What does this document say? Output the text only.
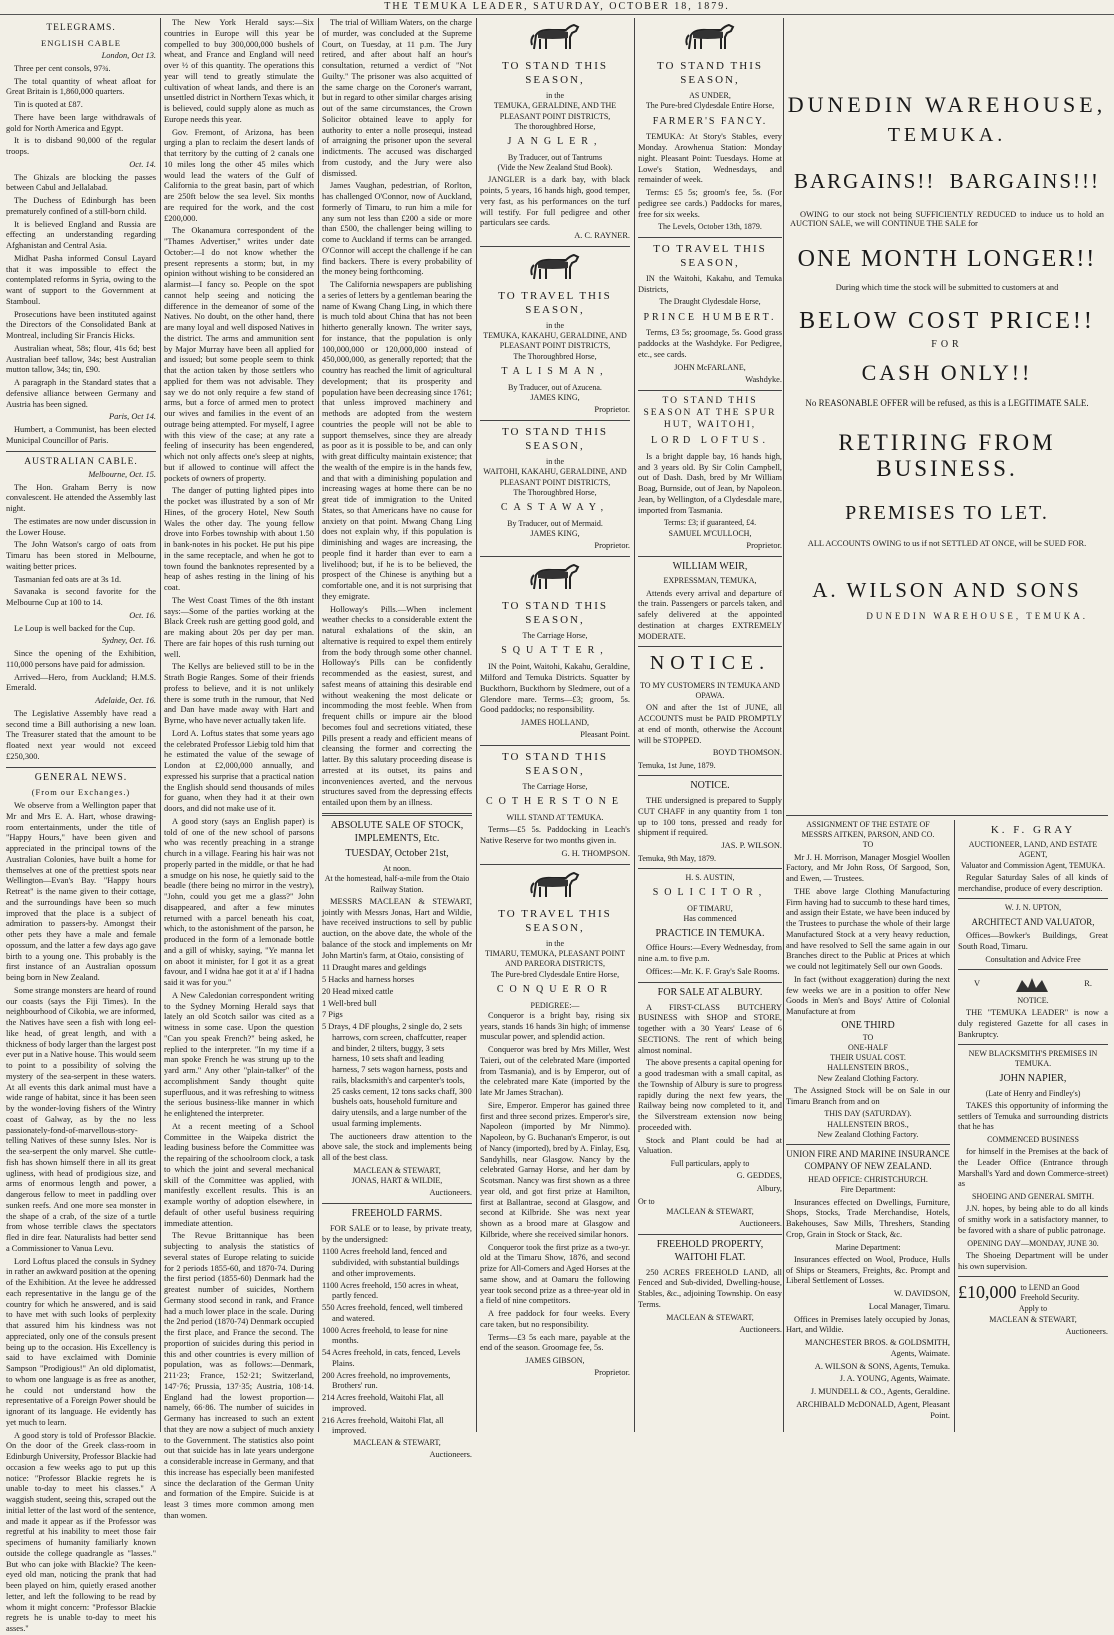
THE TEMUKA LEADER, SATURDAY, OCTOBER 18, 1879.
TELEGRAMS.
ENGLISH CABLE

London, Oct 13.

Three per cent consols, 97¾.

The total quantity of wheat afloat for Great Britain is 1,860,000 quarters.

Tin is quoted at £87.

There have been large withdrawals of gold for North America and Egypt.

It is to disband 90,000 of the regular troops.

Oct. 14.

The Ghizals are blocking the passes between Cabul and Jellalabad.

The Duchess of Edinburgh has been prematurely confined of a still-born child.

It is believed England and Russia are effecting an understanding regarding Afghanistan and Central Asia.

Midhat Pasha informed Consul Layard that it was impossible to effect the contemplated reforms in Syria, owing to the want of support to the Government at Stamboul.

Prosecutions have been instituted against the Directors of the Consolidated Bank at Montreal, including Sir Francis Hicks.

Australian wheat, 58s; flour, 41s 6d; best Australian beef tallow, 34s; best Australian mutton tallow, 34s; tin, £90.

A paragraph in the Standard states that a defensive alliance between Germany and Austria has been signed.

Paris, Oct 14.

Humbert, a Communist, has been elected Municipal Councillor of Paris.

AUSTRALIAN CABLE.

Melbourne, Oct. 15.

The Hon. Graham Berry is now convalescent. He attended the Assembly last night.

The estimates are now under discussion in the Lower House.

The John Watson's cargo of oats from Timaru has been stored in Melbourne, waiting better prices.

Tasmanian fed oats are at 3s 1d.

Savanaka is second favorite for the Melbourne Cup at 100 to 14.

Oct. 16.

Le Loup is well backed for the Cup.

Sydney, Oct. 16.

Since the opening of the Exhibition, 110,000 persons have paid for admission.

Arrived—Hero, from Auckland; H.M.S. Emerald.

Adelaide, Oct. 16.

The Legislative Assembly have read a second time a Bill authorising a new loan. The Treasurer stated that the amount to be floated next year would not exceed £250,300.

GENERAL NEWS.
(From our Exchanges.)

We observe from a Wellington paper that Mr and Mrs E. A. Hart, whose drawing-room entertainments, under the title of "Happy Hours," have been given and appreciated in the principal towns of the Australian Colonies, have built a home for themselves at one of the prettiest spots near Wellington—Evan's Bay. "Happy hours Retreat" is the name given to their cottage, and the surroundings have been so much improved that the place is a subject of admiration to passers-by. Amongst their other pets they have a male and female opossum, and the latter a few days ago gave birth to a young one. This probably is the first instance of an Australian opossum being born in New Zealand.

Some strange monsters are heard of round our coasts (says the Fiji Times). In the neighbourhood of Cikobia, we are informed, the Natives have seen a fish with long eel-like head, of great length, and with a thickness of body larger than the largest post ever put in a Native house. This would seem to point to a possibility of solving the mystery of the sea-serpent in these waters. At all events this dark animal must have a wide range of habitat, since it has been seen by the wonder-loving fishers of the Wintry coast of Galway, as by the no less passionately-fond-of-marvellous-story-telling Natives of these sunny Isles. Nor is the sea-serpent the only marvel. She cuttle-fish has shown himself there in all its great ugliness, with head of prodigious size, and arms of enormous length and power, a dangerous fellow to meet in paddling over sunken reefs. And one more sea monster in the shape of a crab, of the size of a turtle from whose terrible claws the spectators fled in dire fear. Naturalists had better send a Commissioner to Vanua Levu.

Lord Loftus placed the consuls in Sydney in rather an awkward position at the opening of the Exhibition. At the levee he addressed each representative in the langu ge of the country for which he answered, and is said to have met with such looks of perplexity that assured him his kindness was not appreciated, only one of the consuls present being up to the occasion. His Excellency is said to have exclaimed with Dominie Sampson "Prodigious!" An old diplomatist, to whom one language is as free as another, he could not understand how the representative of a Foreign Power should be ignorant of its language. He evidently has yet much to learn.

A good story is told of Professor Blackie. On the door of the Greek class-room in Edinburgh University, Professor Blackie had occasion a few weeks ago to put up this notice: "Professor Blackie regrets he is unable to-day to meet his classes." A waggish student, seeing this, scraped out the initial letter of the last word of the sentence, and made it appear as if the Professor was regretful at his inability to meet those fair specimens of humanity familiarly known outside the college quadrangle as "lasses." But who can joke with Blackie? The keen-eyed old man, noticing the prank that had been played on him, quietly erased another letter, and left the following to be read by whom it might concern: "Professor Blackie regrets he is unable to-day to meet his asses."

The New York Herald says:—Six countries in Europe will this year be compelled to buy 300,000,000 bushels of wheat, and France and England will need over ½ of this quantity. The operations this year will tend to greatly stimulate the cultivation of wheat lands, and there is an unsettled district in Northern Texas which, it is believed, could supply alone as much as Europe needs this year.

Gov. Fremont, of Arizona, has been urging a plan to reclaim the desert lands of that territory by the cutting of 2 canals one 10 miles long the other 45 miles which would lead the waters of the Gulf of California to the great basin, part of which are 250ft below the sea level. Six months are required for the work, and the cost £200,000.

The Okanamura correspondent of the "Thames Advertiser," writes under date October:—I do not know whether the present represents a storm; but, in my opinion without wishing to be considered an alarmist—I fancy so. People on the spot cannot help seeing and noticing the difference in the demeanor of some of the Natives. No doubt, on the other hand, there are many loyal and well disposed Natives in the district. The arms and ammunition sent by Major Murray have been all applied for and issued; but some people seem to think that the action taken by those settlers who applied for them was not advisable. They say we do not only require a few stand of arms, but a force of armed men to protect our wives and families in the event of an outrage being attempted. For myself, I agree with this view of the case; at any rate a feeling of insecurity has been engendered, which not only affects one's sleep at nights, but if allowed to continue will affect the pockets of owners of property.

The danger of putting lighted pipes into the pocket was illustrated by a son of Mr Hines, of the grocery Hotel, New South Wales the other day. The young fellow drove into Forbes township with about 1.50 in bank-notes in his pocket. He put his pipe in the same receptacle, and when he got to town found the banknotes represented by a heap of ashes resting in the lining of his coat.

The West Coast Times of the 8th instant says:—Some of the parties working at the Black Creek rush are getting good gold, and are making about 20s per day per man. There are fair hopes of this rush turning out well.

The Kellys are believed still to be in the Strath Bogie Ranges. Some of their friends profess to believe, and it is not unlikely there is some truth in the rumour, that Ned and Dan have made away with Hart and Byrne, who have never actually taken life.

Lord A. Loftus states that some years ago the celebrated Professor Liebig told him that he estimated the value of the sewage of London at £2,000,000 annually, and expressed his surprise that a practical nation the English should send thousands of miles for guano, when they had it at their own doors, and did not make use of it.

A good story (says an English paper) is told of one of the new school of parsons who was recently preaching in a strange church in a village. Fearing his hair was not properly parted in the middle, or that he had a smudge on his nose, he quietly said to the beadle (there being no mirror in the vestry), "John, could you get me a glass?" John disappeared, and after a few minutes returned with a parcel beneath his coat, which, to the astonishment of the parson, he produced in the form of a lemonade bottle and a gill of whisky, saying, "Ye manna let on aboot it minister, for I got it as a great favour, and I widna hae got it at a' if I hadna said it was for you."

A New Caledonian correspondent writing to the Sydney Morning Herald says that lately an old Scotch sailor was cited as a witness in some case. Upon the question "Can you speak French?" being asked, he replied to the interpreter. "In my time if a man spoke French he was strung up to the yard arm." Any other "plain-talker" of the accomplishment Sandy thought quite superfluous, and it was refreshing to witness the serious business-like manner in which he enlightened the interpreter.

At a recent meeting of a School Committee in the Waipeka district the leading business before the Committee was the repairing of the schoolroom clock, a task to which the joint and several mechanical skill of the Committee was applied, with manifestly excellent results. This is an example worthy of adoption elsewhere, in default of other useful business requiring immediate attention.

The Revue Brittannique has been subjecting to analysis the statistics of several states of Europe relating to suicide for 2 periods 1855-60, and 1870-74. During the first period (1855-60) Denmark had the greatest number of suicides, Northern Germany stood second in rank, and France had a much lower place in the scale. During the 2nd period (1870-74) Denmark occupied the first place, and France the second. The proportion of suicides during this period in this and other countries is every million of population, was as follows:—Denmark, 211·23; France, 152·21; Switzerland, 147·76; Prussia, 137·35; Austria, 108·14. England had the lowest proportion—namely, 66·86. The number of suicides in Germany has increased to such an extent that they are now a subject of much anxiety to the Government. The statistics also point out that suicide has in late years undergone a considerable increase in Germany, and that this increase has especially been manifested since the declaration of the German Unity and formation of the Empire. Suicide is at least 3 times more common among men than women.

The trial of William Waters, on the charge of murder, was concluded at the Supreme Court, on Tuesday, at 11 p.m. The Jury retired, and after about half an hour's consultation, returned a verdict of "Not Guilty." The prisoner was also acquitted of the same charge on the Coroner's warrant, but in regard to other similar charges arising out of the same circumstances, the Crown Solicitor obtained leave to apply for authority to enter a nolle prosequi, instead of arraigning the prisoner upon the several indictments. The accused was discharged from custody, and the Jury were also dismissed.

James Vaughan, pedestrian, of Rorlton, has challenged O'Connor, now of Auckland, formerly of Timaru, to run him a mile for any sum not less than £200 a side or more than £500, the challenger being willing to come to Auckland if terms can be arranged. O'Connor will accept the challenge if he can find backers. There is every probability of the money being forthcoming.

The California newspapers are publishing a series of letters by a gentleman bearing the name of Kwang Chang Ling, in which there is much told about China that has not been hitherto generally known. The writer says, for instance, that the population is only 100,000,000 or 120,000,000 instead of 450,000,000, as generally reported; that the country has reached the limit of agricultural development; that its prosperity and population have been decreasing since 1761; that unless improved machinery and methods are adopted from the western countries the people will not be able to support themselves, since they are already as poor as it is possible to be, and can only with great difficulty maintain existence; that the wealth of the empire is in the hands few, and that with a diminishing population and increasing wages at home there can be no great tide of immigration to the United States, so that Americans have no cause for anxiety on that point. Mwang Chang Ling does not explain why, if this population is diminishing and wages are increasing, the people find it harder than ever to earn a livelihood; but, if he is to be believed, the prospect of the Chinese is anything but a comfortable one, and it is not surprising that they emigrate.

Holloway's Pills.—When inclement weather checks to a considerable extent the natural exhalations of the skin, an alternative is required to expel them entirely from the body through some other channel. Holloway's Pills can be confidently recommended as the easiest, surest, and safest means of attaining this desirable end without weakening the most delicate or incommoding the most feeble. When from frequent chills or impure air the blood becomes foul and secretions vitiated, these Pills present a ready and efficient means of cleansing the former and correcting the latter. By this salutary proceeding disease is arrested at its outset, its pains and inconveniences averted, and the nervous structures saved from the depressing effects entailed upon them by an illness.

ABSOLUTE SALE OF STOCK, IMPLEMENTS, Etc.
TUESDAY, October 21st,
At noon.
At the homestead, half-a-mile from the Otaio Railway Station.

MESSRS MACLEAN & STEWART, jointly with Messrs Jonas, Hart and Wildie, have received instructions to sell by public auction, on the above date, the whole of the balance of the stock and implements on Mr John Martin's farm, at Otaio, consisting of

11 Draught mares and geldings
5 Hacks and harness horses
20 Head mixed cattle
1 Well-bred bull
7 Pigs
5 Drays, 4 DF ploughs, 2 single do, 2 sets harrows, corn screen, chaffcutter, reaper and binder, 2 tilters, buggy, 3 sets harness, 10 sets shaft and leading harness, 7 sets wagon harness, posts and rails, blacksmith's and carpenter's tools, 25 casks cement, 12 tons sacks chaff, 300 bushels oats, household furniture and dairy utensils, and a large number of the usual farming implements.

The auctioneers draw attention to the above sale, the stock and implements being all of the best class.

MACLEAN & STEWART,
JONAS, HART & WILDIE,
Auctioneers.
FREEHOLD FARMS.

FOR SALE or to lease, by private treaty, by the undersigned:

1100 Acres freehold land, fenced and subdivided, with substantial buildings and other improvements.
1100 Acres freehold, 150 acres in wheat, partly fenced.
550 Acres freehold, fenced, well timbered and watered.
1000 Acres freehold, to lease for nine months.
54 Acres freehold, in cats, fenced, Levels Plains.
200 Acres freehold, no improvements, Brothers' run.
214 Acres freehold, Waitohi Flat, all improved.
216 Acres freehold, Waitohi Flat, all improved.
MACLEAN & STEWART,
Auctioneers.
TO STAND THIS SEASON,
in the
TEMUKA, GERALDINE, AND THE PLEASANT POINT DISTRICTS,
The thoroughbred Horse,
JANGLER,
By Traducer, out of Tantrums
(Vide the New Zealand Stud Book).

JANGLER is a dark bay, with black points, 5 years, 16 hands high, good temper, very fast, as his performances on the turf will testify. For full pedigree and other particulars see cards.

A. C. RAYNER.
TO TRAVEL THIS SEASON,
in the
TEMUKA, KAKAHU, GERALDINE, AND PLEASANT POINT DISTRICTS,
The Thoroughbred Horse,
TALISMAN,
By Traducer, out of Azucena.
JAMES KING,
Proprietor.
TO STAND THIS SEASON,
in the
WAITOHI, KAKAHU, GERALDINE, AND PLEASANT POINT DISTRICTS,
The Thoroughbred Horse,
CASTAWAY,
By Traducer, out of Mermaid.
JAMES KING,
Proprietor.
TO STAND THIS SEASON,
The Carriage Horse,
SQUATTER,

IN the Point, Waitohi, Kakahu, Geraldine, Milford and Temuka Districts. Squatter by Buckthorn, Buckthorn by Sledmere, out of a Glendore mare. Terms—£3; groom, 5s. Good paddocks; no responsibility.

JAMES HOLLAND,
Pleasant Point.
TO STAND THIS SEASON,
The Carriage Horse,
COTHERSTONE
WILL STAND AT TEMUKA.

Terms—£5 5s. Paddocking in Leach's Native Reserve for two months given in.

G. H. THOMPSON.
TO TRAVEL THIS SEASON,
in the
TIMARU, TEMUKA, PLEASANT POINT AND PAREORA DISTRICTS,
The Pure-bred Clydesdale Entire Horse,
CONQUEROR
PEDIGREE:—

Conqueror is a bright bay, rising six years, stands 16 hands 3in high; of immense muscular power, and splendid action.

Conqueror was bred by Mrs Miller, West Taieri, out of the celebrated Mare (imported from Tasmania), and is by Emperor, out of the celebrated mare Kate (imported by the late Mr James Strachan).

Sire, Emperor. Emperor has gained three first and three second prizes. Emperor's sire, Napoleon (imported by Mr Nimmo). Napoleon, by G. Buchanan's Emperor, is out of Nancy (imported), bred by A. Finlay, Esq, Sandyhills, near Glasgow. Nancy by the celebrated Garnay Horse, and her dam by Scotsman. Nancy was first shown as a three year old, and got first prize at Hamilton, first at Ballantrae, second at Glasgow, and second at Kilbride. She was next year shown as a brood mare at Glasgow and Kilbride, where she received similar honors.

Conqueror took the first prize as a two-yr. old at the Timaru Show, 1876, and second prize for All-Comers and Aged Horses at the same show, and at Oamaru the following year took second prize as a three-year old in a field of nine competitors.

A free paddock for four weeks. Every care taken, but no responsibility.

Terms—£3 5s each mare, payable at the end of the season. Groomage fee, 5s.

JAMES GIBSON,
Proprietor.
TO STAND THIS SEASON,
AS UNDER,
The Pure-bred Clydesdale Entire Horse,
FARMER'S FANCY.

TEMUKA: At Story's Stables, every Monday. Arowhenua Station: Monday night. Pleasant Point: Tuesdays. Home at Lowe's Station, Wednesdays, and remainder of week.

Terms: £5 5s; groom's fee, 5s. (For pedigree see cards.) Paddocks for mares, free for six weeks.

The Levels, October 13th, 1879.
TO TRAVEL THIS SEASON,

IN the Waitohi, Kakahu, and Temuka Districts,

The Draught Clydesdale Horse,
PRINCE HUMBERT.

Terms, £3 5s; groomage, 5s. Good grass paddocks at the Washdyke. For Pedigree, etc., see cards.

JOHN McFARLANE,
Washdyke.
TO STAND THIS SEASON AT THE SPUR HUT, WAITOHI,
LORD LOFTUS.

Is a bright dapple bay, 16 hands high, and 3 years old. By Sir Colin Campbell, out of Dash. Dash, bred by Mr William Boag, Burnside, out of Jean, by Napoleon. Jean, by Wellington, of a Clydesdale mare, imported from Tasmania.

Terms: £3; if guaranteed, £4.
SAMUEL M'CULLOCH,
Proprietor.
WILLIAM WEIR,
EXPRESSMAN, TEMUKA,

Attends every arrival and departure of the train. Passengers or parcels taken, and safely delivered at the appointed destination at charges EXTREMELY MODERATE.

NOTICE.
TO MY CUSTOMERS IN TEMUKA AND OPAWA.

ON and after the 1st of JUNE, all ACCOUNTS must be PAID PROMPTLY at end of month, otherwise the Account will be STOPPED.

BOYD THOMSON.
Temuka, 1st June, 1879.
NOTICE.

THE undersigned is prepared to Supply CUT CHAFF in any quantity from 1 ton up to 100 tons, pressed and ready for shipment if required.

JAS. P. WILSON.
Temuka, 9th May, 1879.
H. S. AUSTIN,
SOLICITOR,
OF TIMARU,
Has commenced
PRACTICE IN TEMUKA.

Office Hours:—Every Wednesday, from nine a.m. to five p.m.

Offices:—Mr. K. F. Gray's Sale Rooms.

FOR SALE AT ALBURY.

A FIRST-CLASS BUTCHERY BUSINESS with SHOP and STORE, together with a 30 Years' Lease of 6 SECTIONS. The rent of which being almost nominal.

The above presents a capital opening for a good tradesman with a small capital, as the Township of Albury is sure to progress rapidly during the next few years, the Railway being now completed to it, and the Silverstream extension now being proceeded with.

Stock and Plant could be had at Valuation.

Full particulars, apply to
G. GEDDES,
Albury,
Or to
MACLEAN & STEWART,
Auctioneers.
FREEHOLD PROPERTY, WAITOHI FLAT.

250 ACRES FREEHOLD LAND, all Fenced and Sub-divided, Dwelling-house, Stables, &c., adjoining Township. On easy Terms.

MACLEAN & STEWART,
Auctioneers.
DUNEDIN WAREHOUSE,
TEMUKA.
BARGAINS!! BARGAINS!!!

OWING to our stock not being SUFFICIENTLY REDUCED to induce us to hold an AUCTION SALE, we will CONTINUE THE SALE for

ONE MONTH LONGER!!
During which time the stock will be submitted to customers at and
BELOW COST PRICE!!
FOR
CASH ONLY!!
No REASONABLE OFFER will be refused, as this is a LEGITIMATE SALE.
RETIRING FROM BUSINESS.
PREMISES TO LET.
ALL ACCOUNTS OWING to us if not SETTLED AT ONCE, will be SUED FOR.
A. WILSON AND SONS
DUNEDIN WAREHOUSE, TEMUKA.
ASSIGNMENT OF THE ESTATE OF
MESSRS AITKEN, PARSON, AND CO.
TO

Mr J. H. Morrison, Manager Mosgiel Woollen Factory, and Mr John Ross, Of Sargood, Son, and Ewen, — Trustees.

THE above large Clothing Manufacturing Firm having had to succumb to these hard times, and assign their Estate, we have been induced by the Trustees to purchase the whole of their large Manufactured Stock at a very heavy reduction, and have resolved to Sell the same again in our Branches direct to the Public at Prices at which we could not legitimately Sell our own Goods.

In fact (without exaggeration) during the next few weeks we are in a position to offer New Goods in Men's and Boys' Attire of Colonial Manufacture at from

ONE THIRD
TO
ONE-HALF
THEIR USUAL COST.
HALLENSTEIN BROS.,
New Zealand Clothing Factory.

The Assigned Stock will be on Sale in our Timaru Branch from and on

THIS DAY (SATURDAY).
HALLENSTEIN BROS.,
New Zealand Clothing Factory.
UNION FIRE AND MARINE INSURANCE COMPANY OF NEW ZEALAND.
HEAD OFFICE: CHRISTCHURCH.
Fire Department:

Insurances effected on Dwellings, Furniture, Shops, Stocks, Trade Merchandise, Hotels, Bakehouses, Saw Mills, Threshers, Standing Crop, Grain in Stock or Stack, &c.

Marine Department:

Insurances effected on Wool, Produce, Hulls of Ships or Steamers, Freights, &c. Prompt and Liberal Settlement of Losses.

W. DAVIDSON,
Local Manager, Timaru.

Offices in Premises lately occupied by Jonas, Hart, and Wildie.

MANCHESTER BROS. & GOLDSMITH, Agents, Waimate.
A. WILSON & SONS, Agents, Temuka.
J. A. YOUNG, Agents, Waimate.
J. MUNDELL & CO., Agents, Geraldine.
ARCHIBALD McDONALD, Agent, Pleasant Point.
K. F. GRAY
AUCTIONEER, LAND, AND ESTATE AGENT,
Valuator and Commission Agent, TEMUKA.

Regular Saturday Sales of all kinds of merchandise, produce of every description.

W. J. N. UPTON,
ARCHITECT AND VALUATOR,

Offices—Bowker's Buildings, Great South Road, Timaru.

Consultation and Advice Free
V	R.
NOTICE.

THE "TEMUKA LEADER" is now a duly registered Gazette for all cases in Bankruptcy.

NEW BLACKSMITH'S PREMISES IN TEMUKA.
JOHN NAPIER,
(Late of Henry and Findley's)

TAKES this opportunity of informing the settlers of Temuka and surrounding districts that he has

COMMENCED BUSINESS

for himself in the Premises at the back of the Leader Office (Entrance through Marshall's Yard and down Commerce-street) as

SHOEING AND GENERAL SMITH.

J.N. hopes, by being able to do all kinds of smithy work in a satisfactory manner, to be favored with a share of public patronage.

OPENING DAY—MONDAY, JUNE 30.

The Shoeing Department will be under his own supervision.

£10,000 to LEND an Good Freehold Security.
Apply to
MACLEAN & STEWART,
Auctioneers.
